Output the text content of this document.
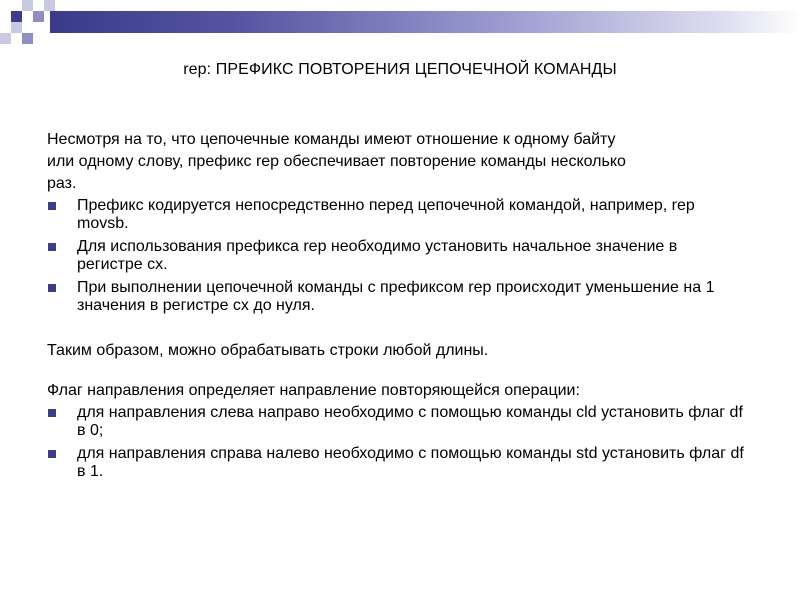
rep: ПРЕФИКС ПОВТОРЕНИЯ ЦЕПОЧЕЧНОЙ КОМАНДЫ

Несмотря на то, что цепочечные команды имеют отношение к одному байту

или одному слову, префикс rep обеспечивает повторение команды несколько

раз.

Префикс кодируется непосредственно перед цепочечной командой, например, rep movsb.
Для использования префикса rep необходимо установить начальное значение в регистре cx.
При выполнении цепочечной команды с префиксом rep происходит уменьшение на 1 значения в регистре cx до нуля.

Таким образом, можно обрабатывать строки любой длины.

Флаг направления определяет направление повторяющейся операции:

для направления слева направо необходимо с помощью команды cld установить флаг df в 0;
для направления справа налево необходимо с помощью команды std установить флаг df в 1.
